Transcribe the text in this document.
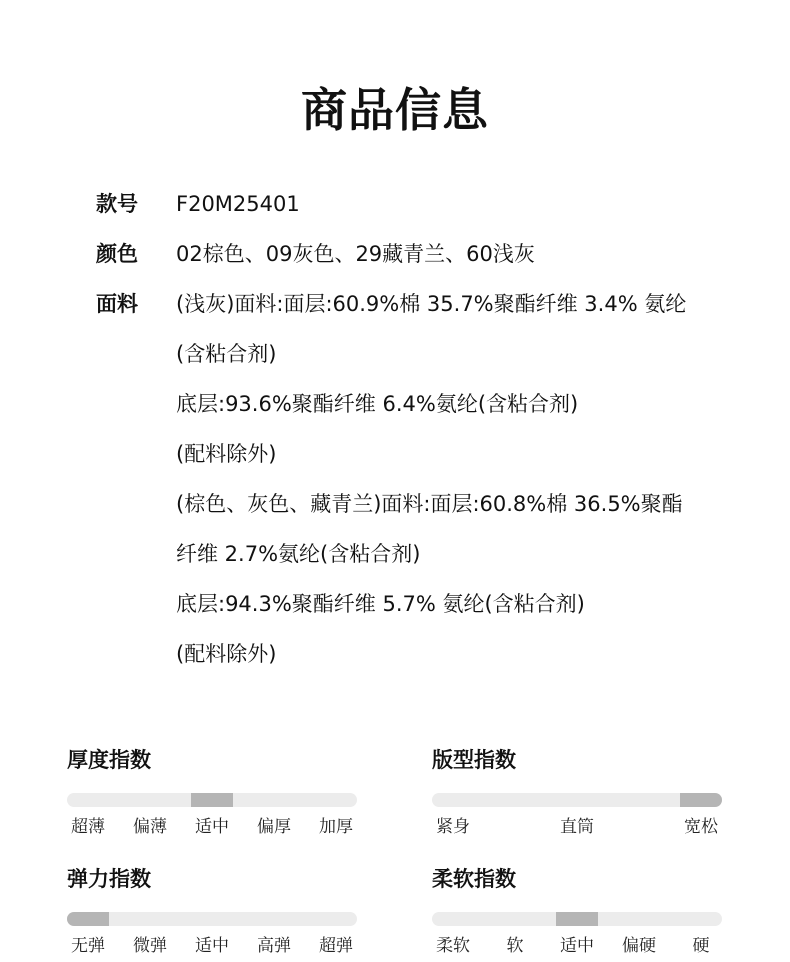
商品信息
款号	F20M25401
颜色	02棕色、09灰色、29藏青兰、60浅灰
面料	(浅灰)面料:面层:60.9%棉 35.7%聚酯纤维 3.4% 氨纶
(含粘合剂)
底层:93.6%聚酯纤维 6.4%氨纶(含粘合剂)
(配料除外)
(棕色、灰色、藏青兰)面料:面层:60.8%棉 36.5%聚酯
纤维 2.7%氨纶(含粘合剂)
底层:94.3%聚酯纤维 5.7% 氨纶(含粘合剂)
(配料除外)
厚度指数
超薄 偏薄 适中 偏厚 加厚
版型指数
紧身	直筒	宽松
弹力指数
无弹 微弹 适中 高弹 超弹
柔软指数
柔软 软 适中 偏硬 硬
